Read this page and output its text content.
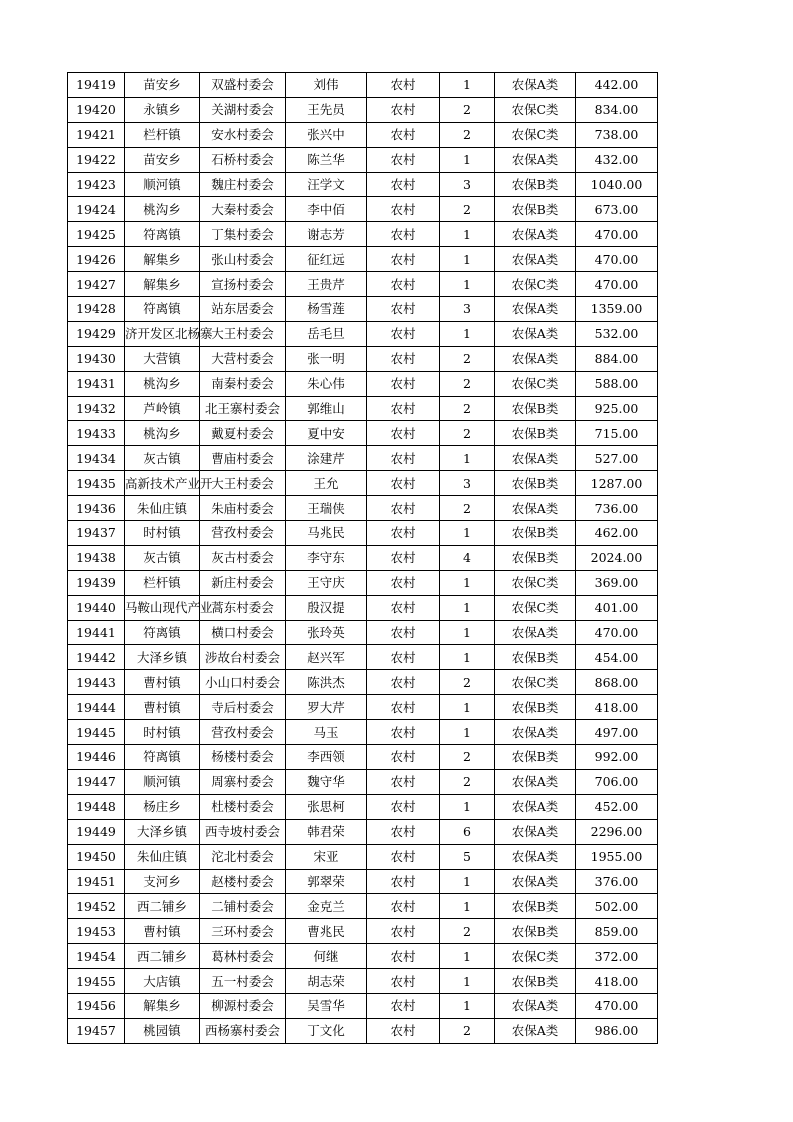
19419	苗安乡	双盛村委会	刘伟	农村	1	农保A类	442.00
19420	永镇乡	关湖村委会	王先员	农村	2	农保C类	834.00
19421	栏杆镇	安水村委会	张兴中	农村	2	农保C类	738.00
19422	苗安乡	石桥村委会	陈兰华	农村	1	农保A类	432.00
19423	顺河镇	魏庄村委会	汪学文	农村	3	农保B类	1040.00
19424	桃沟乡	大秦村委会	李中佰	农村	2	农保B类	673.00
19425	符离镇	丁集村委会	谢志芳	农村	1	农保A类	470.00
19426	解集乡	张山村委会	征红远	农村	1	农保A类	470.00
19427	解集乡	宣扬村委会	王贵芹	农村	1	农保C类	470.00
19428	符离镇	站东居委会	杨雪莲	农村	3	农保A类	1359.00
19429	济开发区北杨寨	大王村委会	岳毛旦	农村	1	农保A类	532.00
19430	大营镇	大营村委会	张一明	农村	2	农保A类	884.00
19431	桃沟乡	南秦村委会	朱心伟	农村	2	农保C类	588.00
19432	芦岭镇	北王寨村委会	郭维山	农村	2	农保B类	925.00
19433	桃沟乡	戴夏村委会	夏中安	农村	2	农保B类	715.00
19434	灰古镇	曹庙村委会	涂建芹	农村	1	农保A类	527.00
19435	高新技术产业开	大王村委会	王允	农村	3	农保B类	1287.00
19436	朱仙庄镇	朱庙村委会	王瑞侠	农村	2	农保A类	736.00
19437	时村镇	营孜村委会	马兆民	农村	1	农保B类	462.00
19438	灰古镇	灰古村委会	李守东	农村	4	农保B类	2024.00
19439	栏杆镇	新庄村委会	王守庆	农村	1	农保C类	369.00
19440	马鞍山现代产业	蒿东村委会	殷汉提	农村	1	农保C类	401.00
19441	符离镇	横口村委会	张玲英	农村	1	农保A类	470.00
19442	大泽乡镇	涉故台村委会	赵兴军	农村	1	农保B类	454.00
19443	曹村镇	小山口村委会	陈洪杰	农村	2	农保C类	868.00
19444	曹村镇	寺后村委会	罗大芹	农村	1	农保B类	418.00
19445	时村镇	营孜村委会	马玉	农村	1	农保A类	497.00
19446	符离镇	杨楼村委会	李西领	农村	2	农保B类	992.00
19447	顺河镇	周寨村委会	魏守华	农村	2	农保A类	706.00
19448	杨庄乡	杜楼村委会	张思柯	农村	1	农保A类	452.00
19449	大泽乡镇	西寺坡村委会	韩君荣	农村	6	农保A类	2296.00
19450	朱仙庄镇	沱北村委会	宋亚	农村	5	农保A类	1955.00
19451	支河乡	赵楼村委会	郭翠荣	农村	1	农保A类	376.00
19452	西二铺乡	二铺村委会	金克兰	农村	1	农保B类	502.00
19453	曹村镇	三环村委会	曹兆民	农村	2	农保B类	859.00
19454	西二铺乡	葛林村委会	何继	农村	1	农保C类	372.00
19455	大店镇	五一村委会	胡志荣	农村	1	农保B类	418.00
19456	解集乡	柳源村委会	吴雪华	农村	1	农保A类	470.00
19457	桃园镇	西杨寨村委会	丁文化	农村	2	农保A类	986.00
